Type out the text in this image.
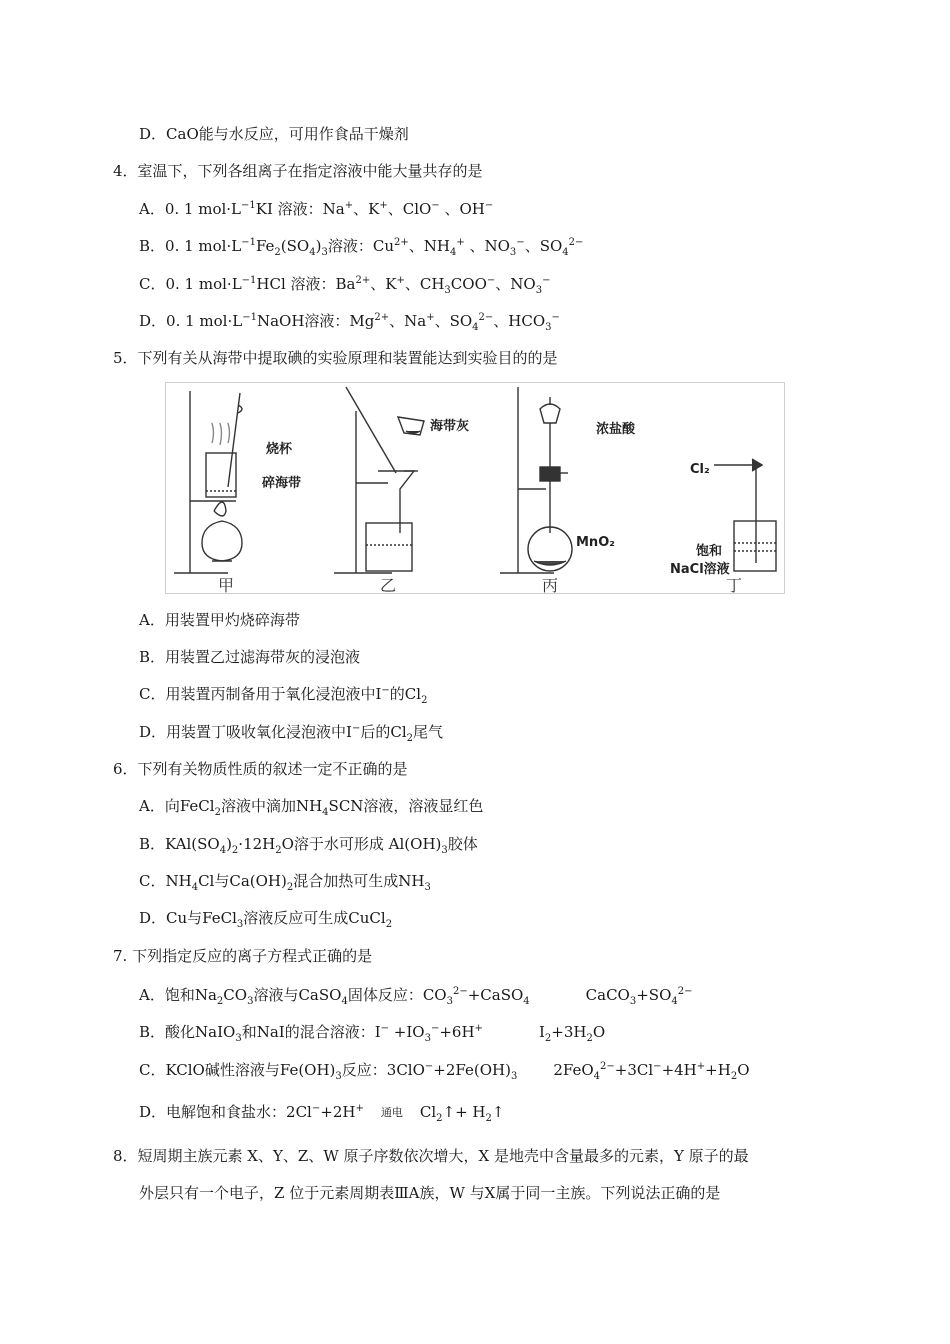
D．CaO能与水反应，可用作食品干燥剂
4．室温下，下列各组离子在指定溶液中能大量共存的是
A．0. 1 $mol\cdot L^{-1}KI$ 溶液：Na+、K+、ClO− 、OH−
B．0. 1 $mol\cdot L^{-1}Fe_2(SO_4)_3$溶液：$Cu^{2+}$、$NH_4^+$ 、$NO_3^-$、$SO_4^{2-}$
C．0. 1 $mol\cdot L^{-1}HCl$ 溶液：$Ba^{2+}$、K+、$CH_3COO^-$、$NO_3^-$
D．0. 1 $mol\cdot L^{-1}NaOH$溶液：$Mg^{2+}$、Na+、$SO_4^{2-}$、$HCO_3^-$
5．下列有关从海带中提取碘的实验原理和装置能达到实验目的的是
烧杯
碎海带
海带灰	浓盐酸
MnO₂
Cl₂
饱和
NaCl溶液
甲	乙	丙	丁
A．用装置甲灼烧碎海带
B．用装置乙过滤海带灰的浸泡液
C．用装置丙制备用于氧化浸泡液中I−的$Cl_2$
D．用装置丁吸收氧化浸泡液中I−后的$Cl_2$尾气
6．下列有关物质性质的叙述一定不正确的是
A．向FeCl$_2$溶液中滴加$NH_4SCN$溶液，溶液显红色
B．$KAl(SO_4)_2\cdot 12H_2O$溶于水可形成 $Al(OH)_3$胶体
C．$NH_4Cl$与$Ca(OH)_2$混合加热可生成$NH_3$
D．Cu与FeCl$_3$溶液反应可生成CuCl$_2$
7. 下列指定反应的离子方程式正确的是
A．饱和$Na_2CO_3$溶液与CaSO$_4$固体反应：$CO_3^{2-}+CaSO_4$	$CaCO_3+SO_4^{2-}$
B．酸化NaIO$_3$和NaI的混合溶液：$I^- +IO_3^-+6H^+$	$I_2+3H_2O$
C．KClO碱性溶液与$Fe(OH)_3$反应：$3ClO^-+2Fe(OH)_3$ $2FeO_4^{2-}+3Cl^-+4H^++H_2O$
D．电解饱和食盐水：2Cl−+2H+	通电	$Cl_2↑+$ $H_2↑$
8．短周期主族元素 X、Y、Z、W 原子序数依次增大，X 是地壳中含量最多的元素，Y 原子的最
外层只有一个电子，Z 位于元素周期表ⅢA族，W 与X属于同一主族。下列说法正确的是
